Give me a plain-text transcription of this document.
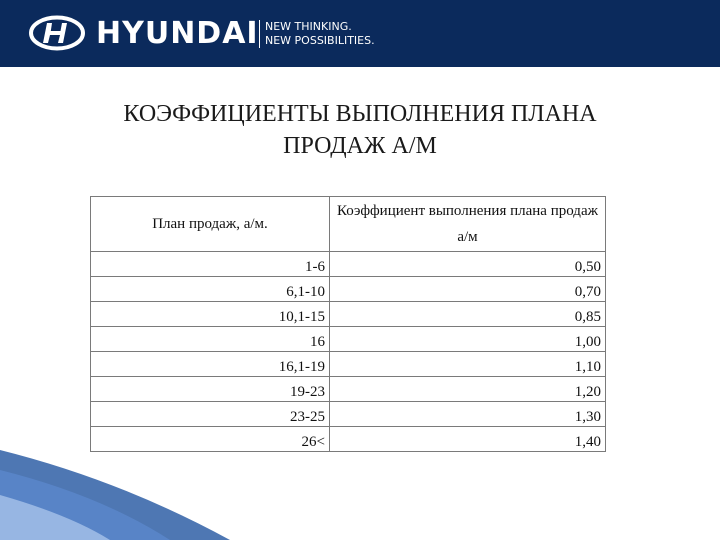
HYUNDAI NEW THINKING.
NEW POSSIBILITIES.
КОЭФФИЦИЕНТЫ ВЫПОЛНЕНИЯ ПЛАНА
ПРОДАЖ А/М
План продаж, а/м.	Коэффициент выполнения плана продаж а/м
1-6	0,50
6,1-10	0,70
10,1-15	0,85
16	1,00
16,1-19	1,10
19-23	1,20
23-25	1,30
26<	1,40
